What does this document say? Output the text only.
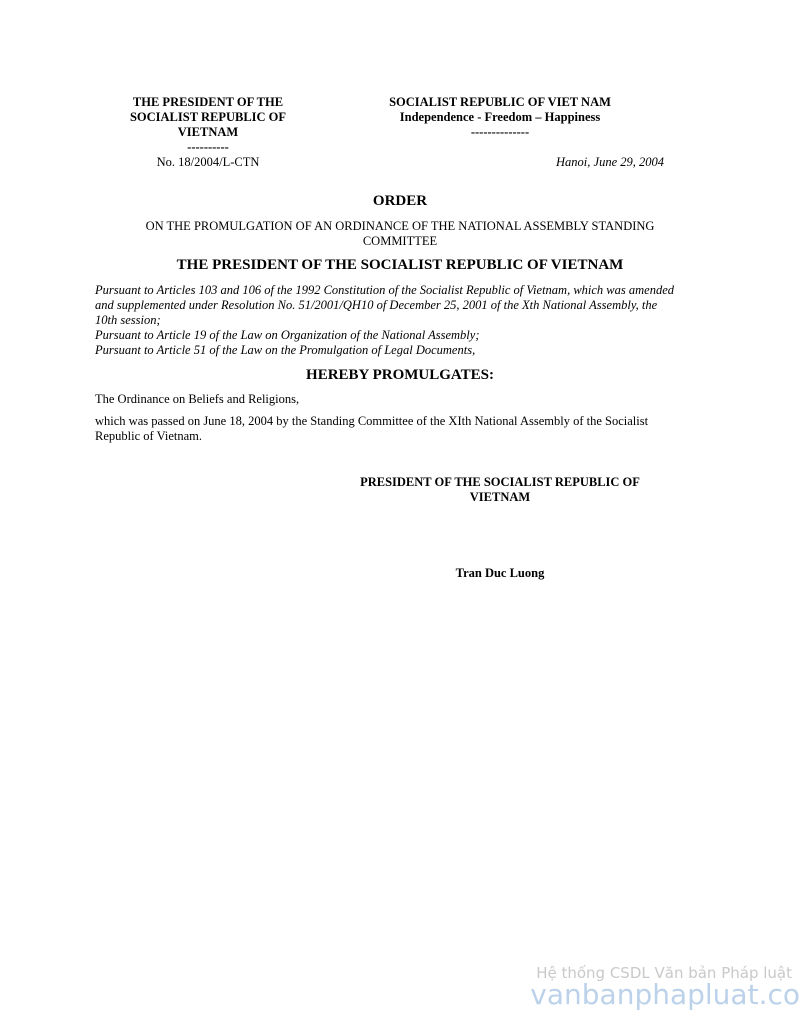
THE PRESIDENT OF THE
SOCIALIST REPUBLIC OF
VIETNAM
----------
SOCIALIST REPUBLIC OF VIET NAM
Independence - Freedom – Happiness
--------------
No. 18/2004/L-CTN	Hanoi, June 29, 2004
ORDER
ON THE PROMULGATION OF AN ORDINANCE OF THE NATIONAL ASSEMBLY STANDING COMMITTEE
THE PRESIDENT OF THE SOCIALIST REPUBLIC OF VIETNAM
Pursuant to Articles 103 and 106 of the 1992 Constitution of the Socialist Republic of Vietnam, which was amended
and supplemented under Resolution No. 51/2001/QH10 of December 25, 2001 of the Xth National Assembly, the
10th session;
Pursuant to Article 19 of the Law on Organization of the National Assembly;
Pursuant to Article 51 of the Law on the Promulgation of Legal Documents,
HEREBY PROMULGATES:
The Ordinance on Beliefs and Religions,
which was passed on June 18, 2004 by the Standing Committee of the XIth National Assembly of the Socialist
Republic of Vietnam.
PRESIDENT OF THE SOCIALIST REPUBLIC OF
VIETNAM
Tran Duc Luong
Hệ thống CSDL Văn bản Pháp luật
vanbanphapluat.co
